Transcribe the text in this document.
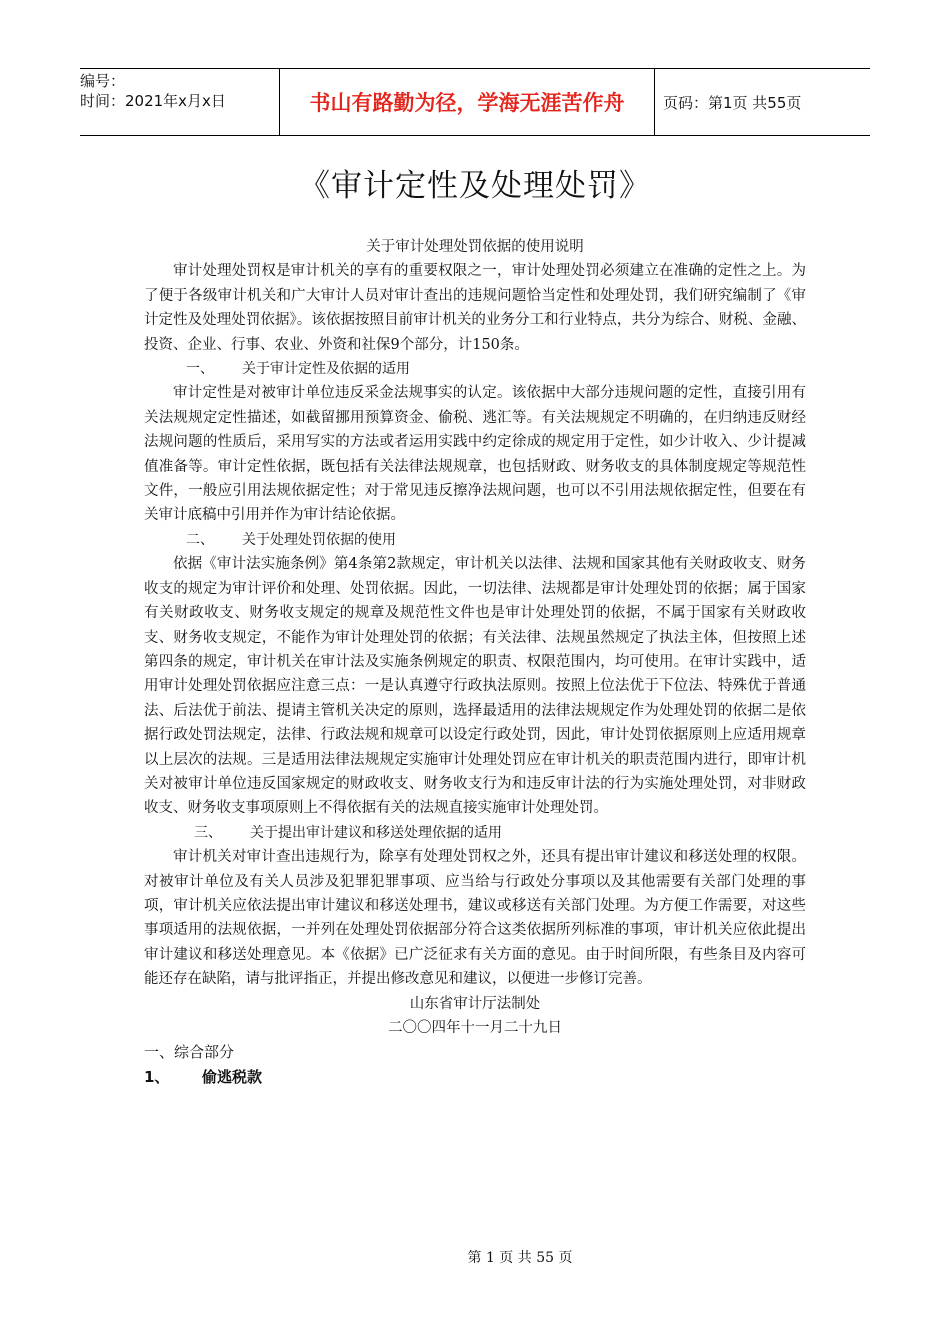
编号：
时间：2021年x月x日	书山有路勤为径，学海无涯苦作舟	页码：第1页 共55页
《审计定性及处理处罚》

关于审计处理处罚依据的使用说明

审计处理处罚权是审计机关的享有的重要权限之一，审计处理处罚必须建立在准确的定性之上。为了便于各级审计机关和广大审计人员对审计查出的违规问题恰当定性和处理处罚，我们研究编制了《审计定性及处理处罚依据》。该依据按照目前审计机关的业务分工和行业特点，共分为综合、财税、金融、投资、企业、行事、农业、外资和社保9个部分，计150条。

一、 关于审计定性及依据的适用

审计定性是对被审计单位违反采金法规事实的认定。该依据中大部分违规问题的定性，直接引用有关法规规定定性描述，如截留挪用预算资金、偷税、逃汇等。有关法规规定不明确的，在归纳违反财经法规问题的性质后，采用写实的方法或者运用实践中约定徐成的规定用于定性，如少计收入、少计提减值准备等。审计定性依据，既包括有关法律法规规章，也包括财政、财务收支的具体制度规定等规范性文件，一般应引用法规依据定性；对于常见违反擦净法规问题，也可以不引用法规依据定性，但要在有关审计底稿中引用并作为审计结论依据。

二、 关于处理处罚依据的使用

依据《审计法实施条例》第4条第2款规定，审计机关以法律、法规和国家其他有关财政收支、财务收支的规定为审计评价和处理、处罚依据。因此，一切法律、法规都是审计处理处罚的依据；属于国家有关财政收支、财务收支规定的规章及规范性文件也是审计处理处罚的依据，不属于国家有关财政收支、财务收支规定，不能作为审计处理处罚的依据；有关法律、法规虽然规定了执法主体，但按照上述第四条的规定，审计机关在审计法及实施条例规定的职责、权限范围内，均可使用。在审计实践中，适用审计处理处罚依据应注意三点：一是认真遵守行政执法原则。按照上位法优于下位法、特殊优于普通法、后法优于前法、提请主管机关决定的原则，选择最适用的法律法规规定作为处理处罚的依据二是依据行政处罚法规定，法律、行政法规和规章可以设定行政处罚，因此，审计处罚依据原则上应适用规章以上层次的法规。三是适用法律法规规定实施审计处理处罚应在审计机关的职责范围内进行，即审计机关对被审计单位违反国家规定的财政收支、财务收支行为和违反审计法的行为实施处理处罚，对非财政收支、财务收支事项原则上不得依据有关的法规直接实施审计处理处罚。

三、 关于提出审计建议和移送处理依据的适用

审计机关对审计查出违规行为，除享有处理处罚权之外，还具有提出审计建议和移送处理的权限。对被审计单位及有关人员涉及犯罪犯罪事项、应当给与行政处分事项以及其他需要有关部门处理的事项，审计机关应依法提出审计建议和移送处理书，建议或移送有关部门处理。为方便工作需要，对这些事项适用的法规依据，一并列在处理处罚依据部分符合这类依据所列标准的事项，审计机关应依此提出审计建议和移送处理意见。本《依据》已广泛征求有关方面的意见。由于时间所限，有些条目及内容可能还存在缺陷，请与批评指正，并提出修改意见和建议，以便进一步修订完善。

山东省审计厅法制处

二〇〇四年十一月二十九日

一、综合部分

1、 偷逃税款

第 1 页 共 55 页
